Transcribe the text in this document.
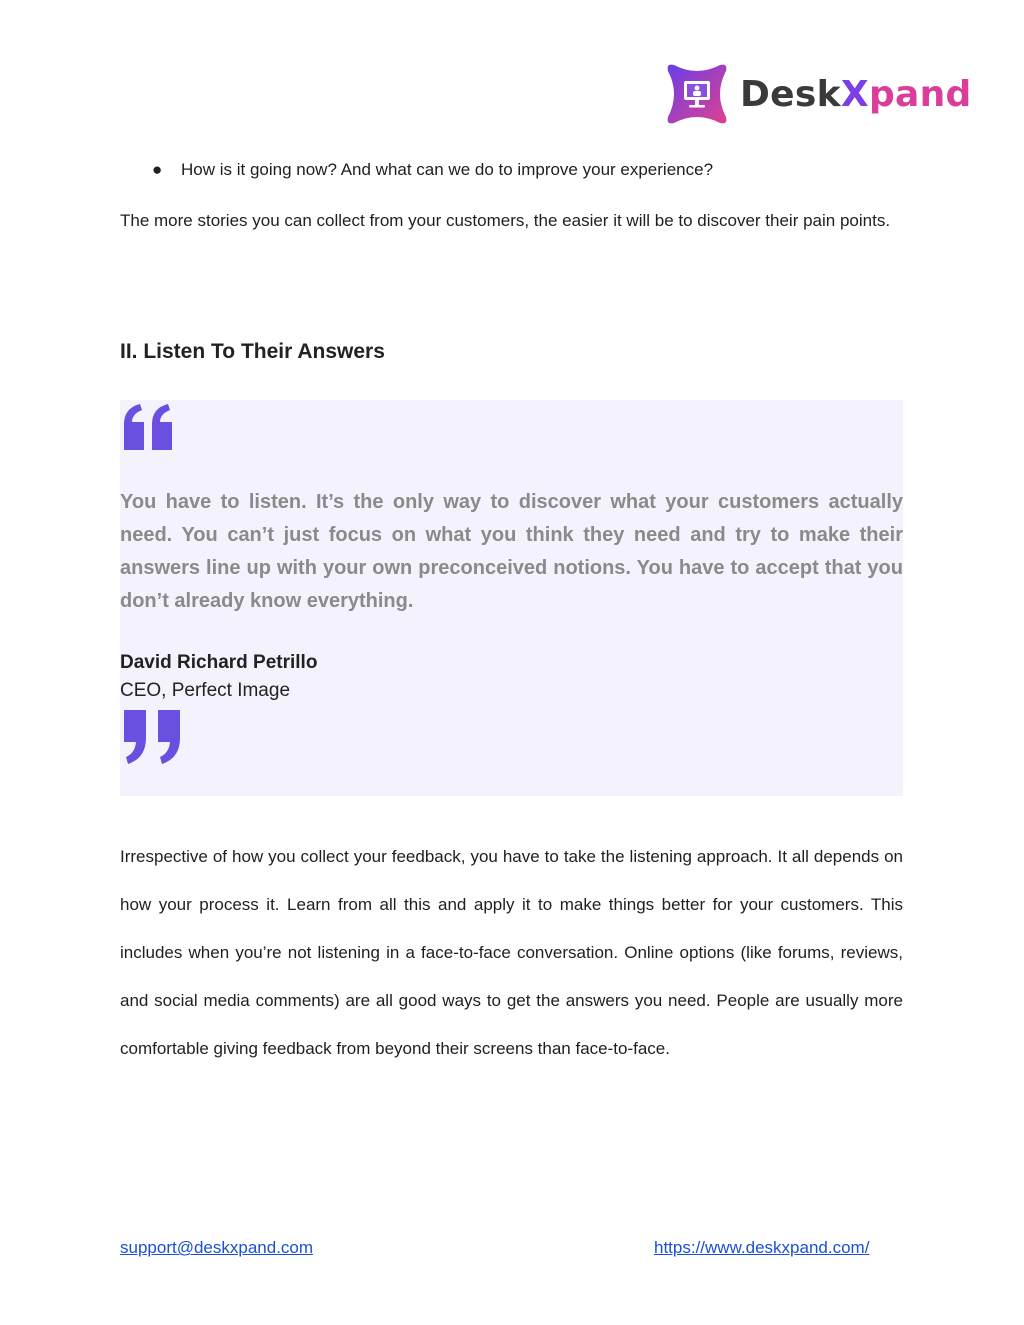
DeskXpand
●	How is it going now? And what can we do to improve your experience?

The more stories you can collect from your customers, the easier it will be to discover their pain points.

II. Listen To Their Answers

You have to listen. It’s the only way to discover what your customers actually need. You can’t just focus on what you think they need and try to make their answers line up with your own preconceived notions. You have to accept that you don’t already know everything.

David Richard Petrillo
CEO, Perfect Image

Irrespective of how you collect your feedback, you have to take the listening approach. It all depends on how your process it. Learn from all this and apply it to make things better for your customers. This includes when you’re not listening in a face-to-face conversation. Online options (like forums, reviews, and social media comments) are all good ways to get the answers you need. People are usually more comfortable giving feedback from beyond their screens than face-to-face.

support@deskxpand.com	https://www.deskxpand.com/
